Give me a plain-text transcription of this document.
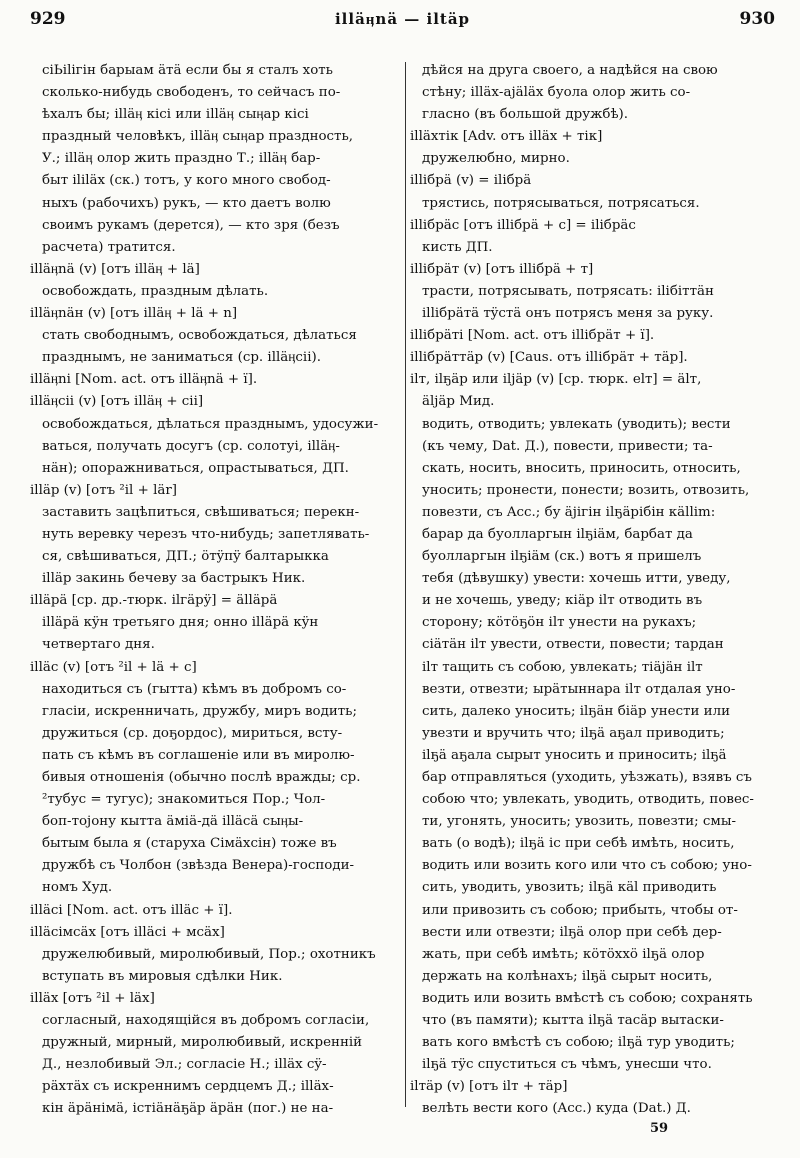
929	illäӊnä — iltäр	930
сіЬіlігін барыам äтä если бы я сталъ хоть
сколько-нибудь свободенъ, то сейчасъ по-
ѣхалъ бы; illäӊ кісі или illäӊ сыӊар кісі
праздный человѣкъ, illäӊ сыӊар праздность,
У.; illäӊ олор жить праздно Т.; illäӊ бар-
быт іlіläх (ск.) тотъ, у кого много свобод-
ныхъ (рабочихъ) рукъ, — кто даетъ волю
своимъ рукамъ (дерется), — кто зря (безъ
расчета) тратится.
illäӊnä (v) [отъ illäӊ + lä]
освобождать, праздным дѣлать.
illäӊnäн (v) [отъ illäӊ + lä + n]
стать свободнымъ, освобождаться, дѣлаться
празднымъ, не заниматься (ср. illäӊcii).
illäӊnі [Nom. act. отъ illäӊnä + ï].
illäӊcii (v) [отъ illäӊ + сіі]
освобождаться, дѣлаться празднымъ, удосужи-
ваться, получать досугъ (ср. солотуі, illäӊ-
нäн); опоражниваться, опрастываться, ДП.
illäр (v) [отъ ²il + lär]
заставить зацѣпиться, свѣшиваться; перекн-
нуть веревку черезъ что-нибудь; запетлявать-
ся, свѣшиваться, ДП.; öтÿпÿ балтарыкка
illäр закинь бечеву за бастрыкъ Ник.
illäрä [ср. др.-тюрк. ilгäрÿ] = älläрä
illäрä кÿн третьяго дня; оннo illäрä кÿн
четвертаго дня.
illäс (v) [отъ ²il + lä + с]
находиться съ (гытта) кѣмъ въ добромъ со-
гласіи, искренничать, дружбу, миръ водить;
дружиться (ср. доҕордос), мириться, всту-
пать съ кѣмъ въ соглашеніе или въ миролю-
бивыя отношенія (обычно послѣ вражды; ср.
²тубус = тугус); знакомиться Пор.; Чол-
боп-тојону кытта äмiä-дä illäсä сыӊы-
бытым была я (старуха Сiмäхсiн) тоже въ
дружбѣ съ Чолбон (звѣзда Венера)-господи-
номъ Худ.
illäсі [Nom. act. отъ illäс + ï].
illäсiмсäх [отъ illäсі + мсäх]
дружелюбивый, миролюбивый, Пор.; охотникъ
вступать въ мировыя сдѣлки Ник.
illäх [отъ ²il + läх]
согласный, находящійся въ добромъ согласіи,
дружный, мирный, миролюбивый, искренній
Д., незлобивый Эл.; согласіе Н.; illäх сÿ-
рäхтäх съ искреннимъ сердцемъ Д.; illäх-
кін äрäнiмä, iстiäнäҕäр äрäн (пог.) не на-
дѣйся на друга своего, а надѣйся на свою
стѣну; illäх-ајäläх буола олор жить со-
гласно (въ большой дружбѣ).
illäхтiк [Adv. отъ illäх + тiк]
дружелюбно, мирно.
illiбрä (v) = iliбрä
трястись, потрясываться, потрясаться.
illiбрäс [отъ illiбрä + с] = iliбрäс
кисть ДП.
illiбрäт (v) [отъ illiбрä + т]
трасти, потрясывать, потрясать: iliбiттäн
illiбрäтä тÿстä онъ потрясъ меня за руку.
illiбрäтi [Nom. act. отъ illiбрäт + ï].
illiбрäттäр (v) [Caus. отъ illiбрäт + тäр].
ilт, ilҕäр или ilјäр (v) [ср. тюрк. elт] = älт,
äljäр Мид.
водить, отводить; увлекать (уводить); вести
(къ чему, Dat. Д.), повести, привести; та-
скать, носить, вносить, приносить, относить,
уносить; пронести, понести; возить, отвозить,
повезти, съ Acc.; бу äјiгiн ilҕäрiбiн кällim:
барар да буолларгын ilҕiäм, барбат да
буолларгын ilҕiäм (ск.) вотъ я пришелъ
тебя (дѣвушку) увести: хочешь итти, уведу,
и не хочешь, уведу; кiäр ilт отводить въ
сторону; кöтöҕöн ilт унести на рукахъ;
сiäтäн ilт увести, отвести, повести; тардан
ilт тащить съ собою, увлекать; тiäјäн ilт
везти, отвезти; ырäтыннара ilт отдалая уно-
сить, далеко уносить; ilҕäн бiäр унести или
увезти и вручить что; ilҕä аҕал приводить;
ilҕä аҕала сырыт уносить и приносить; ilҕä
бар отправляться (уходить, уѣзжать), взявъ съ
собою что; увлекать, уводить, отводить, повес-
ти, угонять, уносить; увозить, повезти; смы-
вать (о водѣ); ilҕä іс при себѣ имѣть, носить,
водить или возить кого или что съ собою; уно-
сить, уводить, увозить; ilҕä кäl приводить
или привозить съ собою; прибыть, чтобы от-
вести или отвезти; ilҕä олор при себѣ дер-
жать, при себѣ имѣть; кöтöххö ilҕä олор
держать на колѣнахъ; ilҕä сырыт носить,
водить или возить вмѣстѣ съ собою; сохранять
что (въ памяти); кытта ilҕä тасäр вытаски-
вать кого вмѣстѣ съ собою; ilҕä тур уводить;
ilҕä тÿс спуститься съ чѣмъ, унесши что.
ilтäр (v) [отъ ilт + тäр]
велѣть вести кого (Acc.) куда (Dat.) Д.
59
